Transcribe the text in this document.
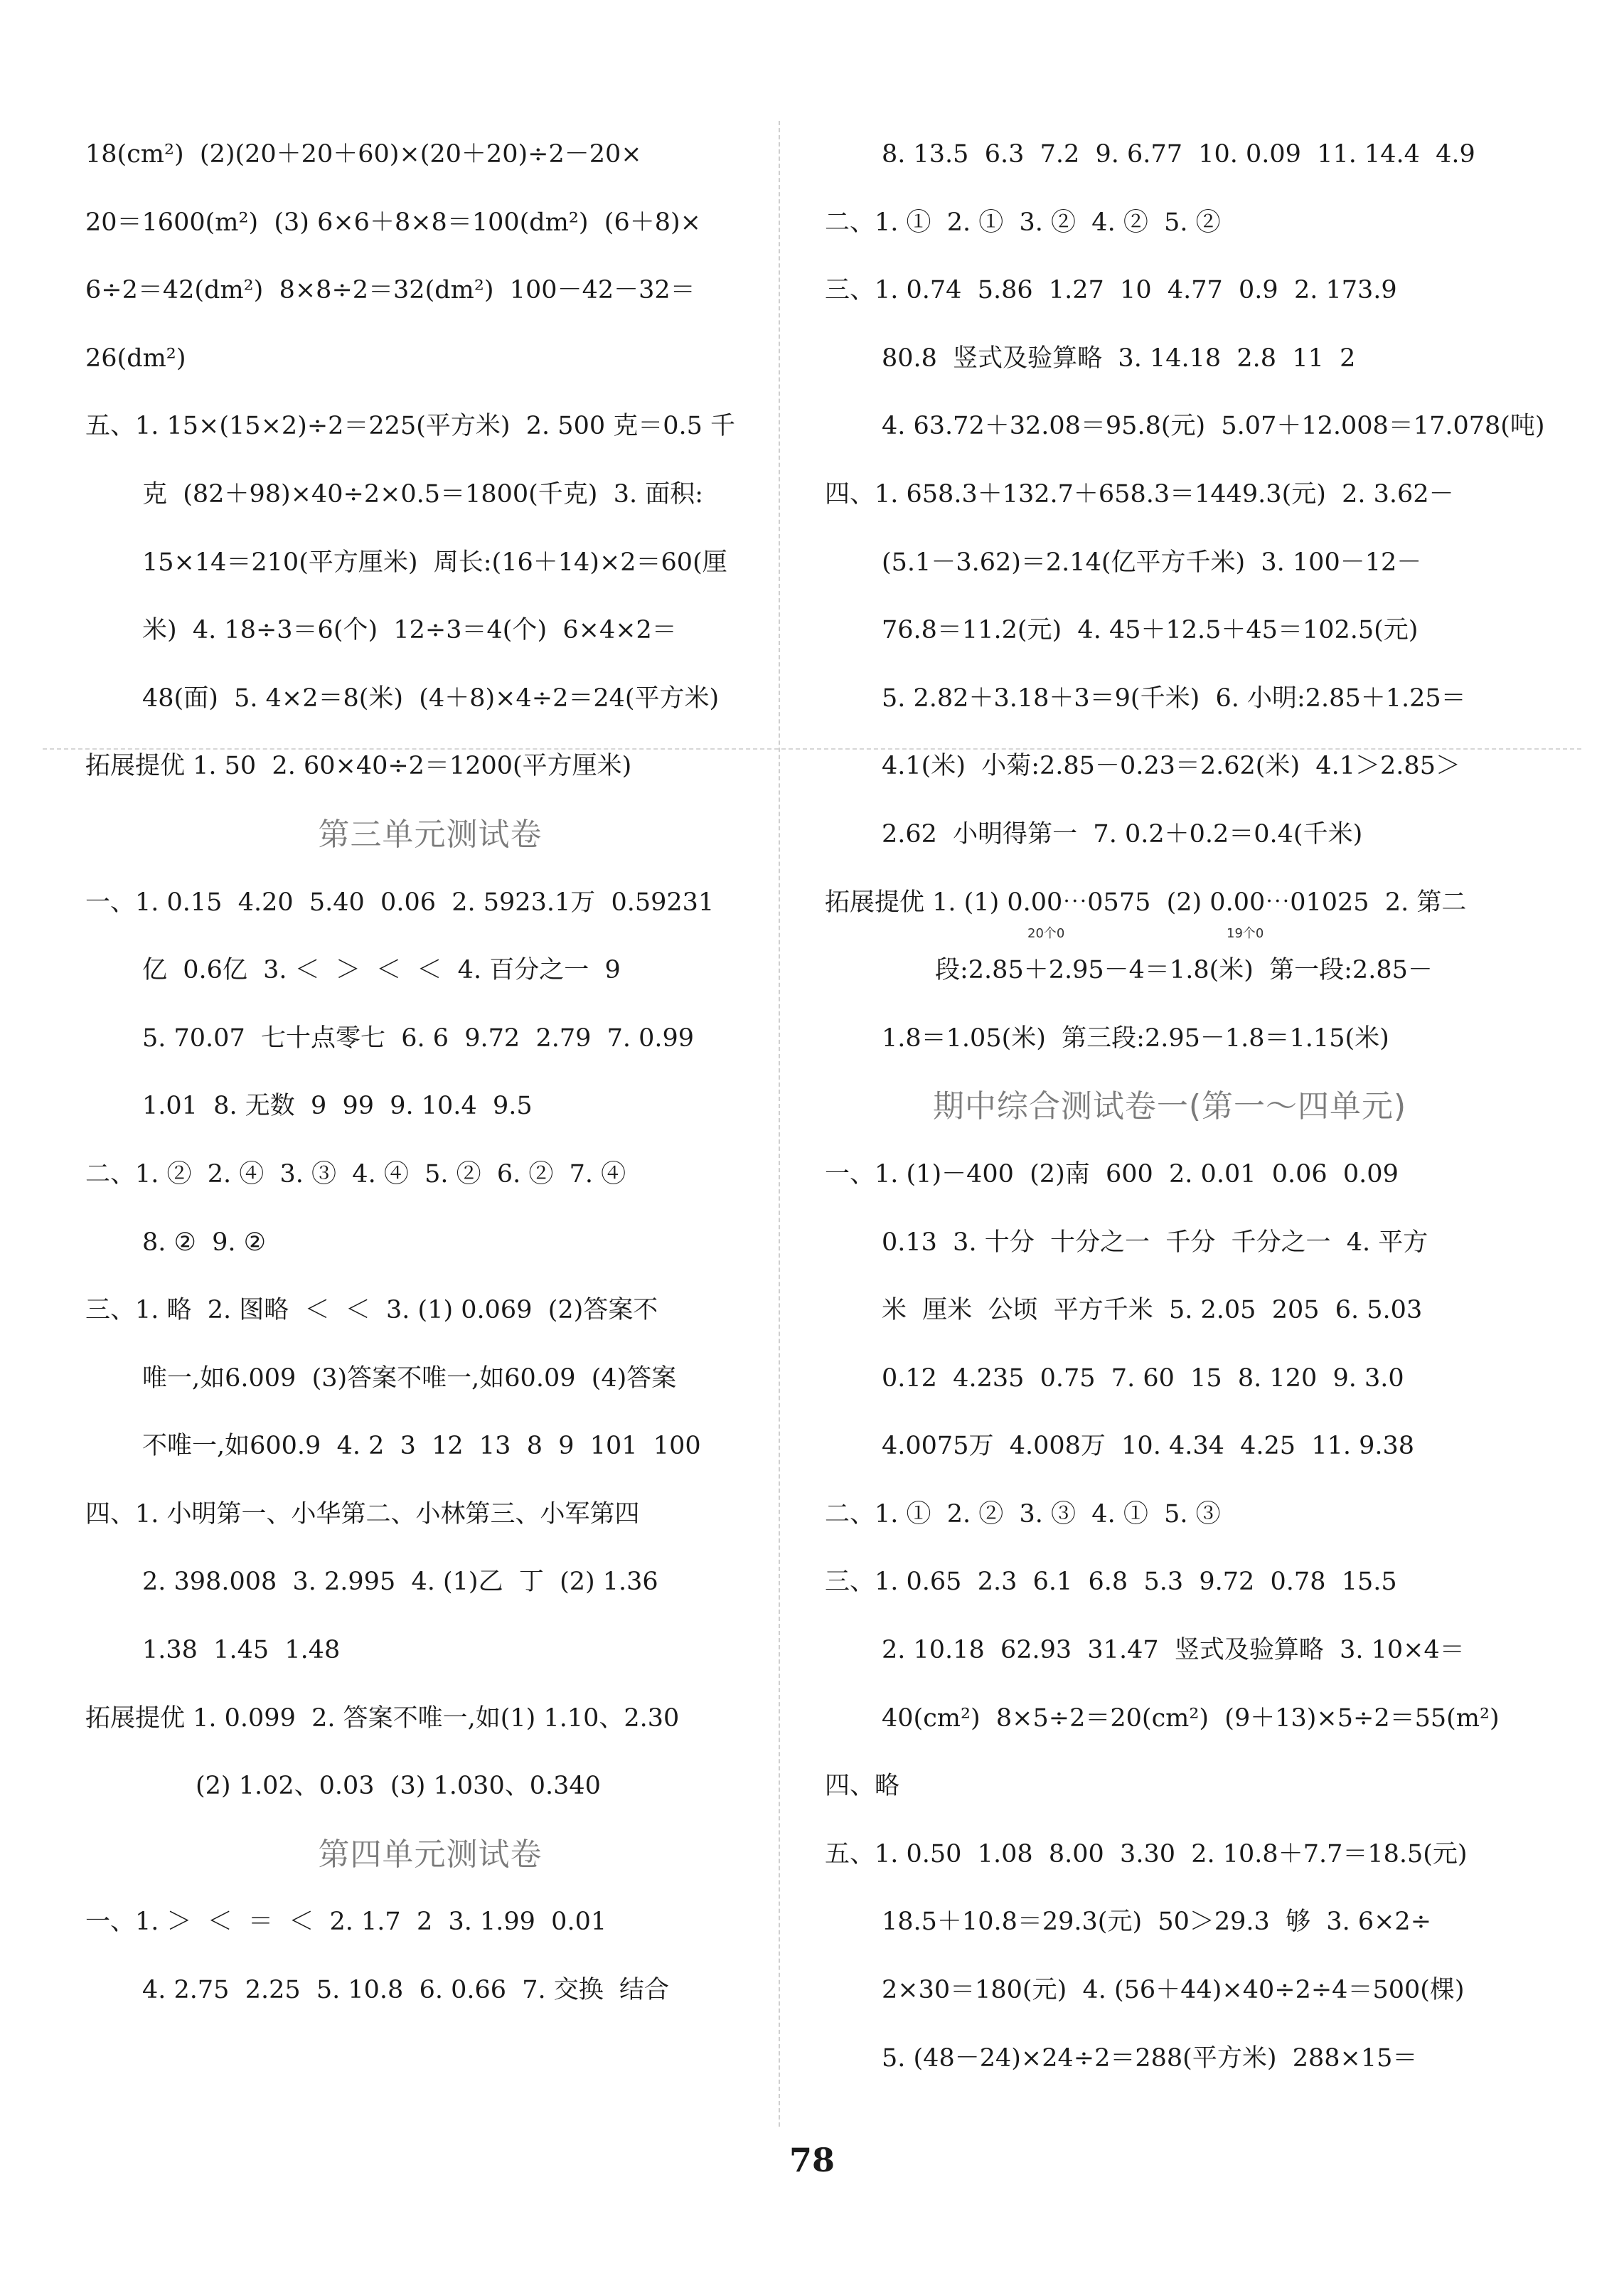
18(cm²)  (2)(20＋20＋60)×(20＋20)÷2－20×
20＝1600(m²)  (3) 6×6＋8×8＝100(dm²)  (6＋8)×
6÷2＝42(dm²)  8×8÷2＝32(dm²)  100－42－32＝
26(dm²)
五、1. 15×(15×2)÷2＝225(平方米)  2. 500 克＝0.5 千
克  (82＋98)×40÷2×0.5＝1800(千克)  3. 面积:
15×14＝210(平方厘米)  周长:(16＋14)×2＝60(厘
米)  4. 18÷3＝6(个)  12÷3＝4(个)  6×4×2＝
48(面)  5. 4×2＝8(米)  (4＋8)×4÷2＝24(平方米)
拓展提优 1. 50  2. 60×40÷2＝1200(平方厘米)
第三单元测试卷
一、1. 0.15  4.20  5.40  0.06  2. 5923.1万  0.59231
亿  0.6亿  3. ＜  ＞  ＜  ＜  4. 百分之一  9
5. 70.07  七十点零七  6. 6  9.72  2.79  7. 0.99
1.01  8. 无数  9  99  9. 10.4  9.5
二、1. ②  2. ④  3. ③  4. ④  5. ②  6. ②  7. ④
8. ②  9. ②
三、1. 略  2. 图略  ＜  ＜  3. (1) 0.069  (2)答案不
唯一,如6.009  (3)答案不唯一,如60.09  (4)答案
不唯一,如600.9  4. 2  3  12  13  8  9  101  100
四、1. 小明第一、小华第二、小林第三、小军第四
2. 398.008  3. 2.995  4. (1)乙  丁  (2) 1.36
1.38  1.45  1.48
拓展提优 1. 0.099  2. 答案不唯一,如(1) 1.10、2.30
(2) 1.02、0.03  (3) 1.030、0.340
第四单元测试卷
一、1. ＞  ＜  ＝  ＜  2. 1.7  2  3. 1.99  0.01
4. 2.75  2.25  5. 10.8  6. 0.66  7. 交换  结合
8. 13.5  6.3  7.2  9. 6.77  10. 0.09  11. 14.4  4.9
二、1. ①  2. ①  3. ②  4. ②  5. ②
三、1. 0.74  5.86  1.27  10  4.77  0.9  2. 173.9
80.8  竖式及验算略  3. 14.18  2.8  11  2
4. 63.72＋32.08＝95.8(元)  5.07＋12.008＝17.078(吨)
四、1. 658.3＋132.7＋658.3＝1449.3(元)  2. 3.62－
(5.1－3.62)＝2.14(亿平方千米)  3. 100－12－
76.8＝11.2(元)  4. 45＋12.5＋45＝102.5(元)
5. 2.82＋3.18＋3＝9(千米)  6. 小明:2.85＋1.25＝
4.1(米)  小菊:2.85－0.23＝2.62(米)  4.1＞2.85＞
2.62  小明得第一  7. 0.2＋0.2＝0.4(千米)
拓展提优 1. (1) 0.00⋯0575  (2) 0.00⋯01025  2. 第二
段:2.85＋2.95－4＝1.8(米)  第一段:2.85－
1.8＝1.05(米)  第三段:2.95－1.8＝1.15(米)
期中综合测试卷一(第一～四单元)
一、1. (1)－400  (2)南  600  2. 0.01  0.06  0.09
0.13  3. 十分  十分之一  千分  千分之一  4. 平方
米  厘米  公顷  平方千米  5. 2.05  205  6. 5.03
0.12  4.235  0.75  7. 60  15  8. 120  9. 3.0
4.0075万  4.008万  10. 4.34  4.25  11. 9.38
二、1. ①  2. ②  3. ③  4. ①  5. ③
三、1. 0.65  2.3  6.1  6.8  5.3  9.72  0.78  15.5
2. 10.18  62.93  31.47  竖式及验算略  3. 10×4＝
40(cm²)  8×5÷2＝20(cm²)  (9＋13)×5÷2＝55(m²)
四、略
五、1. 0.50  1.08  8.00  3.30  2. 10.8＋7.7＝18.5(元)
18.5＋10.8＝29.3(元)  50＞29.3  够  3. 6×2÷
2×30＝180(元)  4. (56＋44)×40÷2÷4＝500(棵)
5. (48－24)×24÷2＝288(平方米)  288×15＝
20个0	19个0
78
